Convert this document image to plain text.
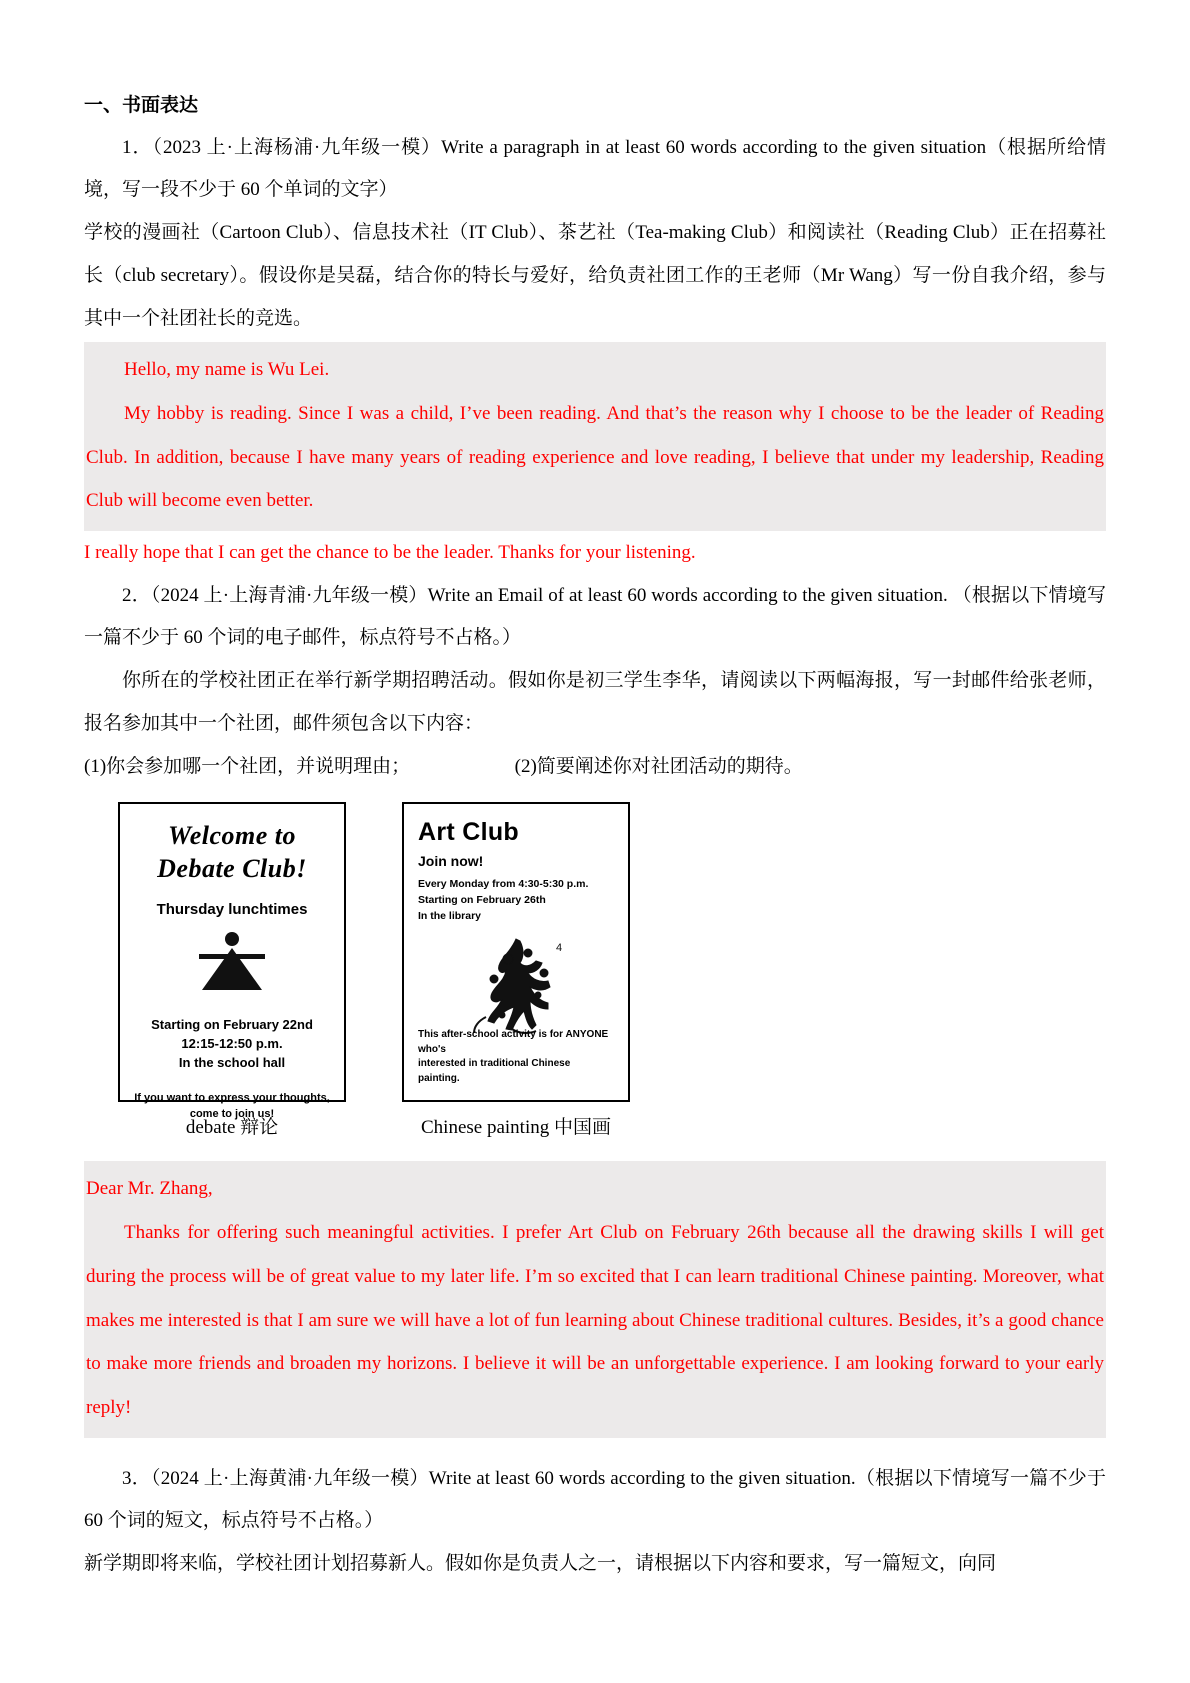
一、书面表达

1．（2023 上·上海杨浦·九年级一模）Write a paragraph in at least 60 words according to the given situation（根据所给情境，写一段不少于 60 个单词的文字）

学校的漫画社（Cartoon Club）、信息技术社（IT Club）、茶艺社（Tea-making Club）和阅读社（Reading Club）正在招募社长（club secretary）。假设你是吴磊，结合你的特长与爱好，给负责社团工作的王老师（Mr Wang）写一份自我介绍，参与其中一个社团社长的竞选。

Hello, my name is Wu Lei.

My hobby is reading. Since I was a child, I’ve been reading. And that’s the reason why I choose to be the leader of Reading Club. In addition, because I have many years of reading experience and love reading, I believe that under my leadership, Reading Club will become even better.

I really hope that I can get the chance to be the leader. Thanks for your listening.

2．（2024 上·上海青浦·九年级一模）Write an Email of at least 60 words according to the given situation. （根据以下情境写一篇不少于 60 个词的电子邮件，标点符号不占格。）

你所在的学校社团正在举行新学期招聘活动。假如你是初三学生李华，请阅读以下两幅海报，写一封邮件给张老师，报名参加其中一个社团，邮件须包含以下内容：

(1)你会参加哪一个社团，并说明理由；　　　　　　(2)简要阐述你对社团活动的期待。

Welcome to
Debate Club!
Thursday lunchtimes
Starting on February 22nd
12:15-12:50 p.m.
In the school hall
If you want to express your thoughts,
come to join us!
Art Club
Join now!
Every Monday from 4:30-5:30 p.m.
Starting on February 26th
In the library
4
This after-school activity is for ANYONE who's
interested in traditional Chinese painting.
debate 辩论	Chinese painting 中国画

Dear Mr. Zhang,

Thanks for offering such meaningful activities. I prefer Art Club on February 26th because all the drawing skills I will get during the process will be of great value to my later life. I’m so excited that I can learn traditional Chinese painting. Moreover, what makes me interested is that I am sure we will have a lot of fun learning about Chinese traditional cultures. Besides, it’s a good chance to make more friends and broaden my horizons. I believe it will be an unforgettable experience. I am looking forward to your early reply!

3．（2024 上·上海黄浦·九年级一模）Write at least 60 words according to the given situation.（根据以下情境写一篇不少于 60 个词的短文，标点符号不占格。）

新学期即将来临，学校社团计划招募新人。假如你是负责人之一，请根据以下内容和要求，写一篇短文，向同
